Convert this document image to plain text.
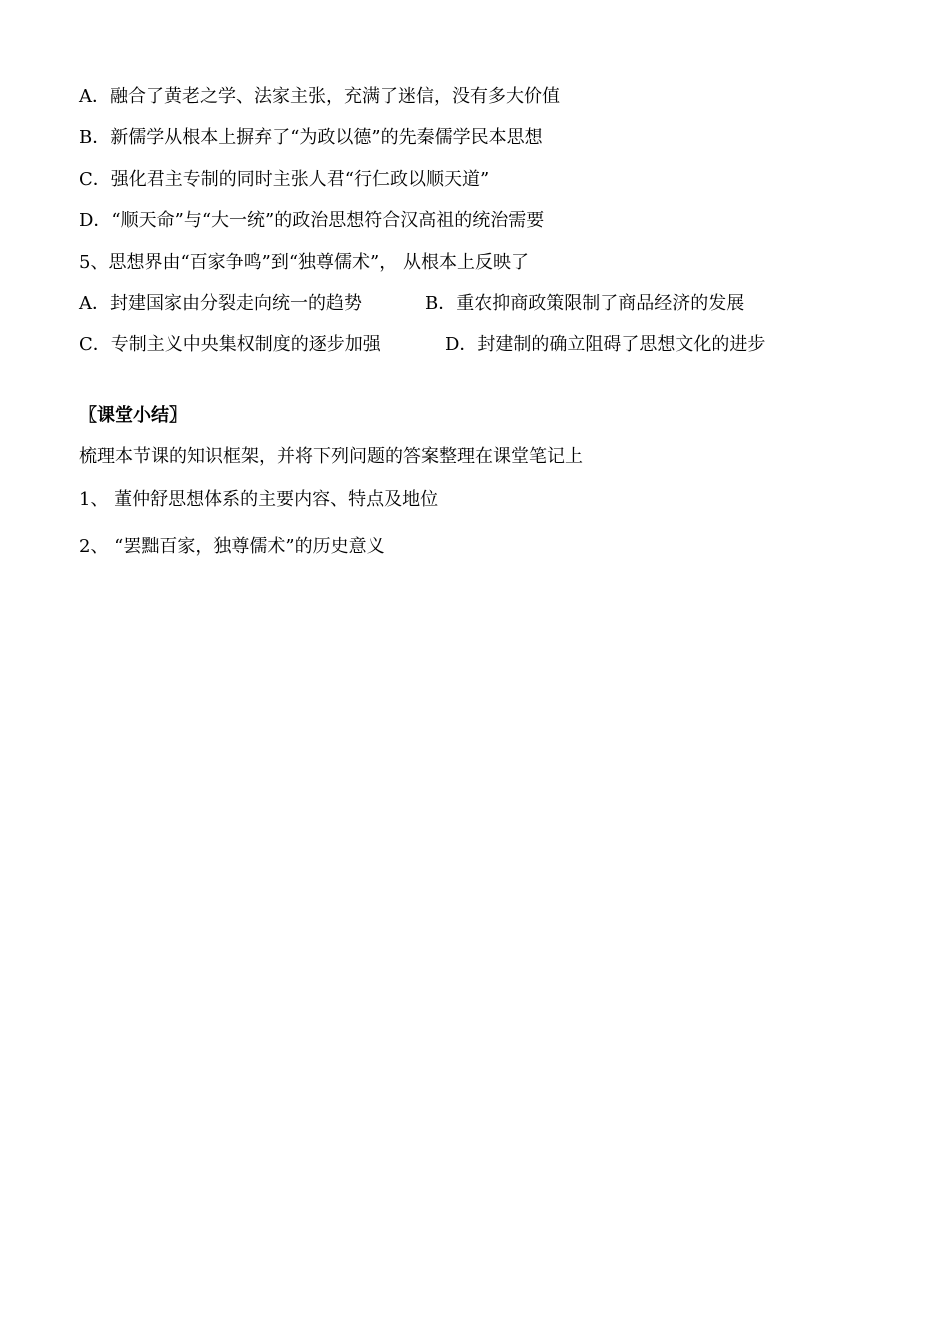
A．融合了黄老之学、法家主张，充满了迷信，没有多大价值
B．新儒学从根本上摒弃了“为政以德”的先秦儒学民本思想
C．强化君主专制的同时主张人君“行仁政以顺天道”
D．“顺天命”与“大一统”的政治思想符合汉高祖的统治需要
5、思想界由“百家争鸣”到“独尊儒术”， 从根本上反映了
A．封建国家由分裂走向统一的趋势	B．重农抑商政策限制了商品经济的发展
C．专制主义中央集权制度的逐步加强	D．封建制的确立阻碍了思想文化的进步
〖课堂小结〗
梳理本节课的知识框架，并将下列问题的答案整理在课堂笔记上
1、 董仲舒思想体系的主要内容、特点及地位
2、 “罢黜百家，独尊儒术”的历史意义
